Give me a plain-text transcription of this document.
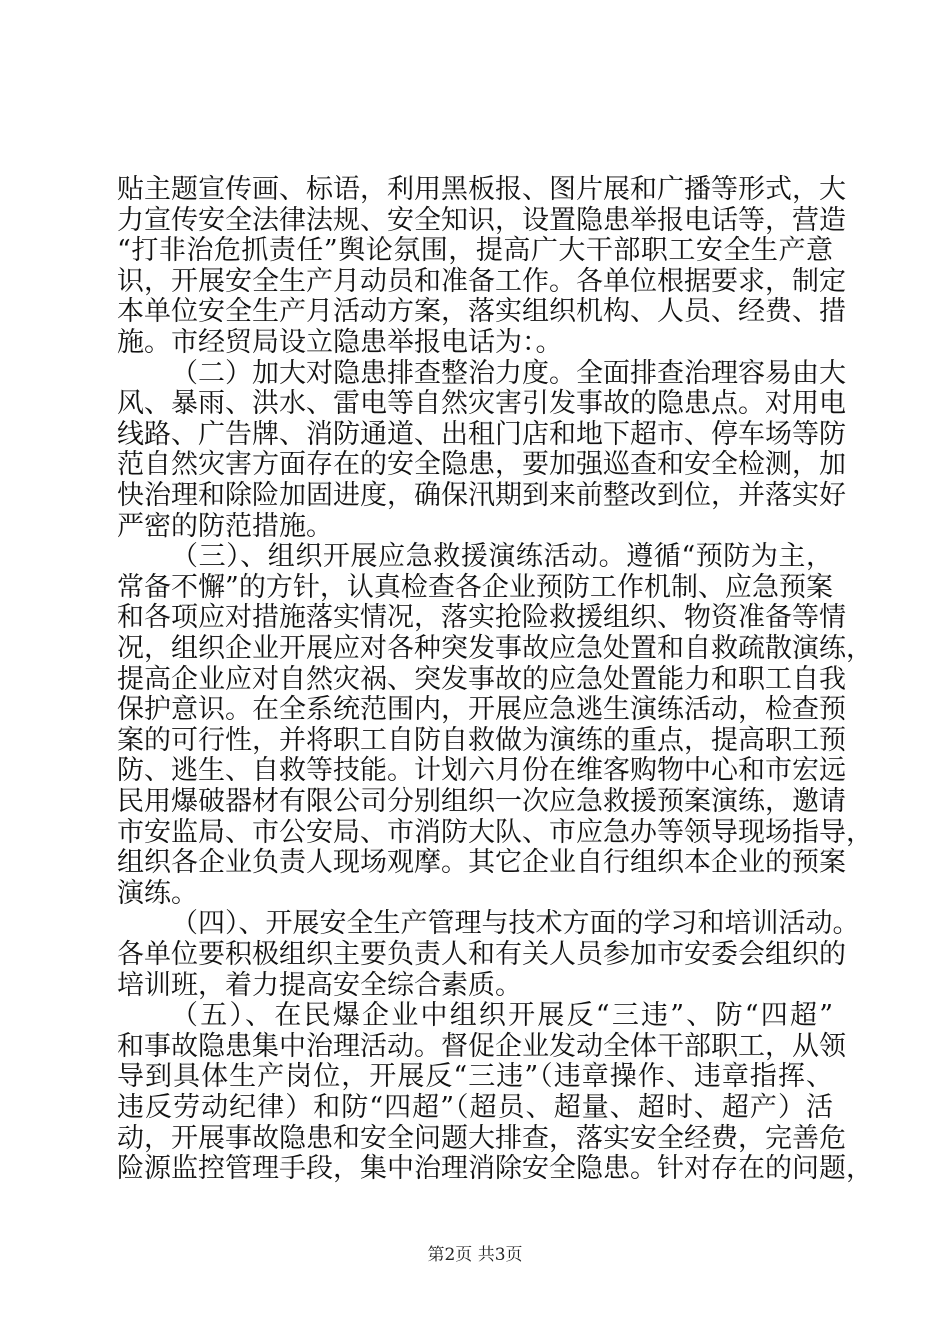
贴主题宣传画、标语，利用黑板报、图片展和广播等形式，大
力宣传安全法律法规、安全知识，设置隐患举报电话等，营造
“打非治危抓责任”舆论氛围，提高广大干部职工安全生产意
识，开展安全生产月动员和准备工作。各单位根据要求，制定
本单位安全生产月活动方案，落实组织机构、人员、经费、措
施。市经贸局设立隐患举报电话为：。
（二）加大对隐患排查整治力度。全面排查治理容易由大
风、暴雨、洪水、雷电等自然灾害引发事故的隐患点。对用电
线路、广告牌、消防通道、出租门店和地下超市、停车场等防
范自然灾害方面存在的安全隐患，要加强巡查和安全检测，加
快治理和除险加固进度，确保汛期到来前整改到位，并落实好
严密的防范措施。
（三）、组织开展应急救援演练活动。遵循“预防为主，
常备不懈”的方针，认真检查各企业预防工作机制、应急预案
和各项应对措施落实情况，落实抢险救援组织、物资准备等情
况，组织企业开展应对各种突发事故应急处置和自救疏散演练，
提高企业应对自然灾祸、突发事故的应急处置能力和职工自我
保护意识。在全系统范围内，开展应急逃生演练活动，检查预
案的可行性，并将职工自防自救做为演练的重点，提高职工预
防、逃生、自救等技能。计划六月份在维客购物中心和市宏远
民用爆破器材有限公司分别组织一次应急救援预案演练，邀请
市安监局、市公安局、市消防大队、市应急办等领导现场指导，
组织各企业负责人现场观摩。其它企业自行组织本企业的预案
演练。
（四）、开展安全生产管理与技术方面的学习和培训活动。
各单位要积极组织主要负责人和有关人员参加市安委会组织的
培训班，着力提高安全综合素质。
（五）、在民爆企业中组织开展反“三违”、防“四超”
和事故隐患集中治理活动。督促企业发动全体干部职工，从领
导到具体生产岗位，开展反“三违”（违章操作、违章指挥、
违反劳动纪律）和防“四超”（超员、超量、超时、超产）活
动，开展事故隐患和安全问题大排查，落实安全经费，完善危
险源监控管理手段，集中治理消除安全隐患。针对存在的问题，
第2页 共3页
